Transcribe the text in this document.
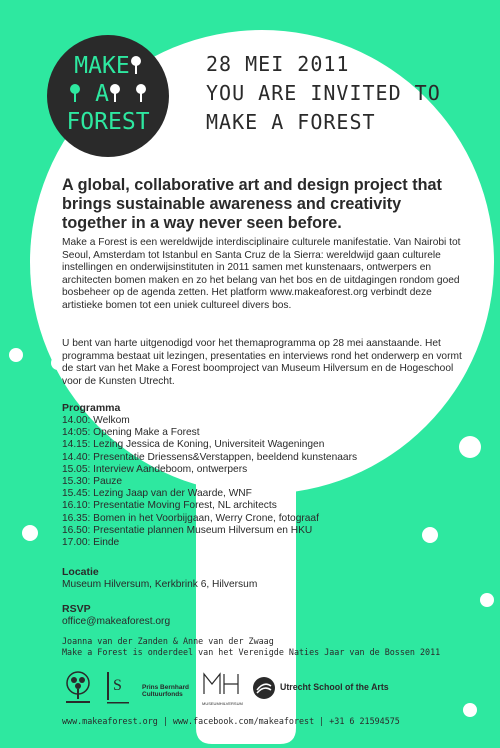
MAKE
A
FOREST
28 MEI 2011
YOU ARE INVITED TO
MAKE A FOREST
A global, collaborative art and design project that brings sustainable awareness and creativity together in a way never seen before.
Make a Forest is een wereldwijde interdisciplinaire culturele manifestatie. Van Nairobi tot Seoul, Amsterdam tot Istanbul en Santa Cruz de la Sierra: wereldwijd gaan culturele instellingen en onderwijsinstituten in 2011 samen met kunstenaars, ontwerpers en architecten bomen maken en zo het belang van het bos en de uitdagingen rondom goed bosbeheer op de agenda zetten. Het platform www.makeaforest.org verbindt deze artistieke bomen tot een uniek cultureel divers bos.
U bent van harte uitgenodigd voor het themaprogramma op 28 mei aanstaande. Het programma bestaat uit lezingen, presentaties en interviews rond het onderwerp en vormt de start van het Make a Forest boomproject van Museum Hilversum en de Hogeschool voor de Kunsten Utrecht.
Programma
14.00: Welkom
14:05: Opening Make a Forest
14.15: Lezing Jessica de Koning, Universiteit Wageningen
14.40: Presentatie Driessens&Verstappen, beeldend kunstenaars
15.05: Interview Aandeboom, ontwerpers
15.30: Pauze
15.45: Lezing Jaap van der Waarde, WNF
16.10: Presentatie Moving Forest, NL architects
16.35: Bomen in het Voorbijgaan, Werry Crone, fotograaf
16.50: Presentatie plannen Museum Hilversum en HKU
17.00: Einde
Locatie
Museum Hilversum, Kerkbrink 6, Hilversum
RSVP
office@makeaforest.org
Joanna van der Zanden & Anne van der Zwaag
Make a Forest is onderdeel van het Verenigde Naties Jaar van de Bossen 2011
S	Prins Bernhard
Cultuurfonds
MUSEUMHILVERSUM
Utrecht School of the Arts
www.makeaforest.org | www.facebook.com/makeaforest | +31 6 21594575
